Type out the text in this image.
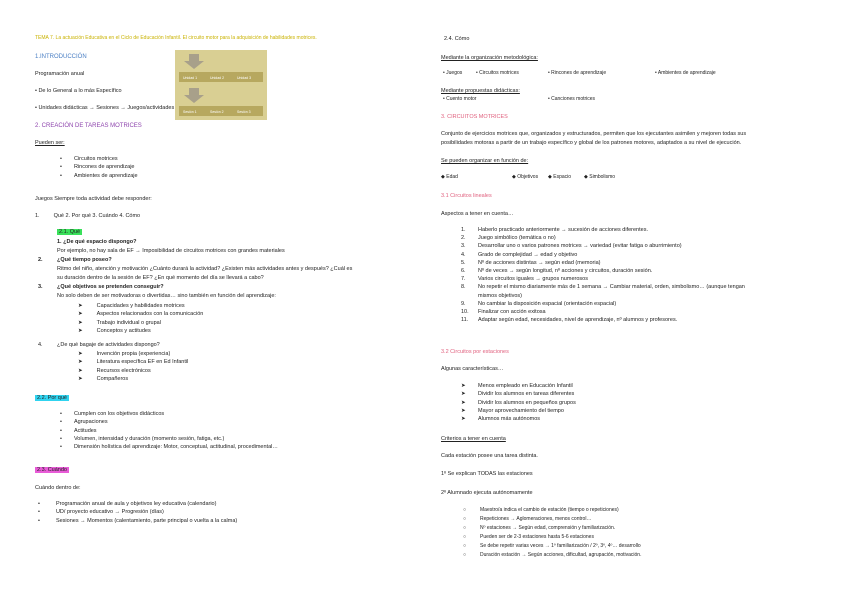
TEMA 7. La actuación Educativa en el Ciclo de Educación Infantil. El circuito motor para la adquisición de habilidades motrices.
1.INTRODUCCIÓN
Programación anual
• De lo General a lo más Específico
• Unidades didácticas → Sesiones → Juegos/actividades
Unidad 1	Unidad 2	Unidad 3
Sesión 1	Sesión 2	Sesión 3
2. CREACIÓN DE TAREAS MOTRICES
Pueden ser:
• Circuitos motrices
• Rincones de aprendizaje
• Ambientes de aprendizaje
Juegos Siempre toda actividad debe responder:
1.	Qué 2. Por qué 3. Cuándo 4. Cómo
2.1. Qué
1. ¿De qué espacio dispongo?
Por ejemplo, no hay sala de EF → Imposibilidad de circuitos motrices con grandes materiales
2.	¿Qué tiempo poseo?
Ritmo del niño, atención y motivación ¿Cuánto durará la actividad? ¿Existen más actividades antes y después? ¿Cuál es
su duración dentro de la sesión de EF? ¿En qué momento del día se llevará a cabo?
3.	¿Qué objetivos se pretenden conseguir?
No solo deben de ser motivadoras o divertidas… sino también en función del aprendizaje:
➤	Capacidades y habilidades motrices
➤	Aspectos relacionados con la comunicación
➤	Trabajo individual o grupal
➤	Conceptos y actitudes
4.	¿De qué bagaje de actividades dispongo?
➤	Invención propia (experiencia)
➤	Literatura específica EF en Ed Infantil
➤	Recursos electrónicos
➤	Compañeros
2.2. Por qué
• Cumplen con los objetivos didácticos
• Agrupaciones
• Actitudes
• Volumen, intensidad y duración (momento sesión, fatiga, etc.)
• Dimensión holística del aprendizaje: Motor, conceptual, actitudinal, procedimental…
2.3. Cuándo
Cuándo dentro de:
•	Programación anual de aula y objetivos ley educativa (calendario)
•	UD/ proyecto educativo → Progresión (días)
•	Sesiones → Momentos (calentamiento, parte principal o vuelta a la calma)
2.4. Cómo
Mediante la organización metodológica:
• Juegos	• Circuitos motrices	• Rincones de aprendizaje	• Ambientes de aprendizaje
Mediante propuestas didácticas:
• Cuento motor	• Canciones motrices
3. CIRCUITOS MOTRICES
Conjunto de ejercicios motrices que, organizados y estructurados, permiten que los ejecutantes asimilen y mejoren todas sus
posibilidades motoras a partir de un trabajo específico y global de los patrones motores, adaptados a su nivel de ejecución.
Se pueden organizar en función de:
◆ Edad	◆ Objetivos ◆ Espacio	◆ Simbolismo
3.1 Circuitos lineales
Aspectos a tener en cuenta…
1. Haberlo practicado anteriormente → sucesión de acciones diferentes.
2. Juego simbólico (temática o no)
3. Desarrollar uno o varios patrones motrices → variedad (evitar fatiga o aburrimiento)
4. Grado de complejidad → edad y objetivo
5. Nº de acciones distintas → según edad (memoria)
6. Nº de veces → según longitud, nº acciones y circuitos, duración sesión.
7. Varios circuitos iguales → grupos numerosos
8. No repetir el mismo diariamente más de 1 semana → Cambiar material, orden, simbolismo… (aunque tengan
mismos objetivos)
9. No cambiar la disposición espacial (orientación espacial)
10. Finalizar con acción exitosa
11. Adaptar según edad, necesidades, nivel de aprendizaje, nº alumnos y profesores.
3.2 Circuitos por estaciones
Algunas características…
➤ Menos empleado en Educación Infantil
➤ Dividir los alumnos en tareas diferentes
➤ Dividir los alumnos en pequeños grupos
➤ Mayor aprovechamiento del tiempo
➤ Alumnos más autónomos
Criterios a tener en cuenta
Cada estación posee una tarea distinta.
1º Se explican TODAS las estaciones
2º Alumnado ejecuta autónomamente
○	Maestro/a indica el cambio de estación (tiempo o repeticiones)
○	Repeticiones → Aglomeraciones, menos control…
○	Nº estaciones → Según edad, comprensión y familiarización.
○	Pueden ser de 2-3 estaciones hasta 5-6 estaciones
○	Se debe repetir varias veces → 1º familiarización / 2º, 3º, 4º… desarrollo
○	Duración estación → Según acciones, dificultad, agrupación, motivación.
